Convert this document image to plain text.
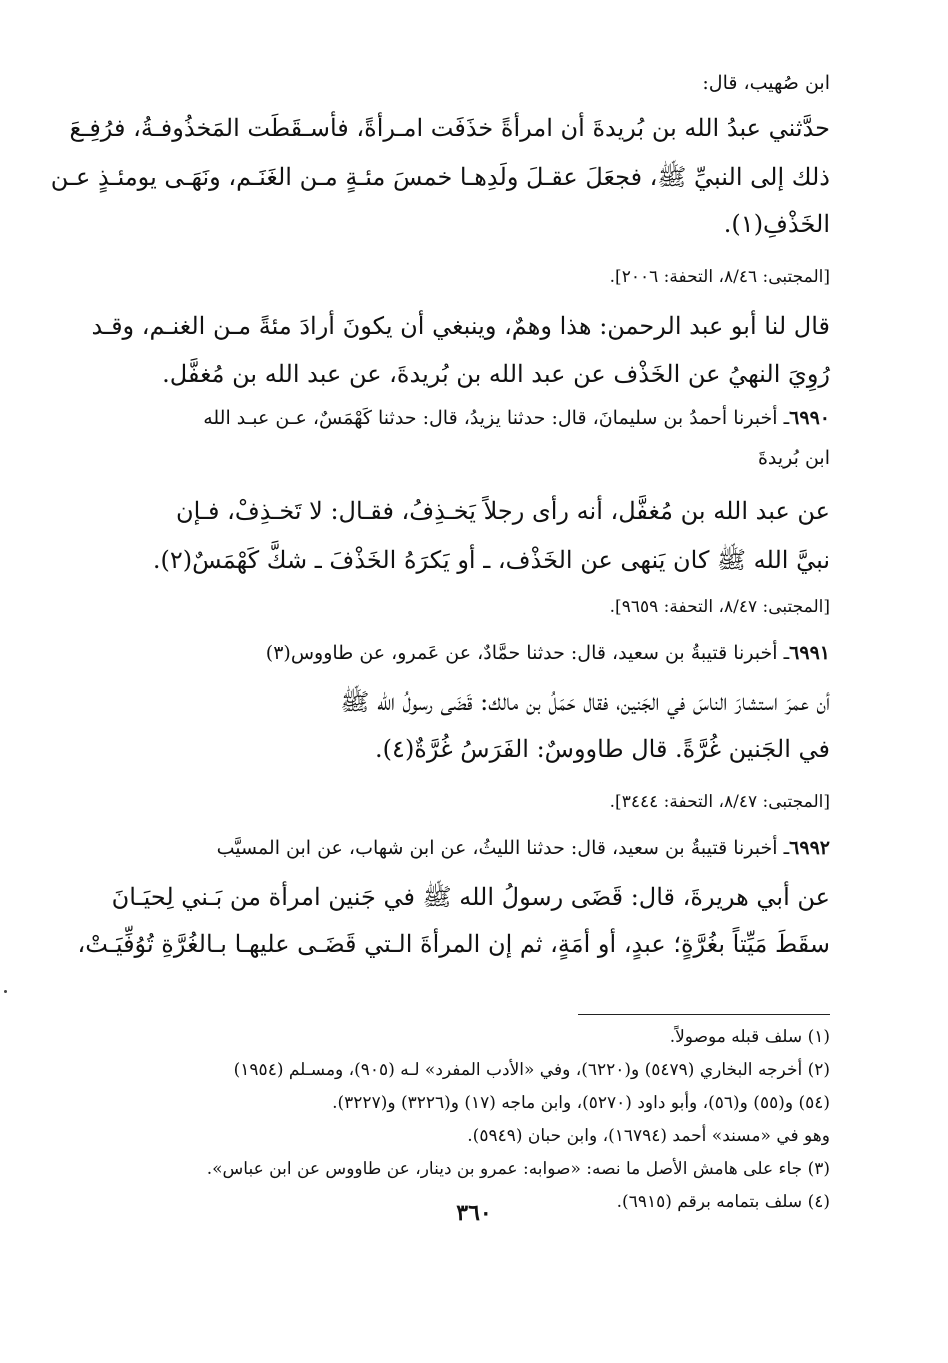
ابن صُهيب، قال:
حدَّثني عبدُ الله بن بُريدةَ أن امرأةً خذَفَت امـرأةً، فأسـقَطَت المَخذُوفـةُ، فرُفِـعَ
ذلك إلى النبيِّ ﷺ، فجعَلَ عقـلَ ولَدِهـا خمسَ مئـةٍ مـن الغَنَـم، ونَهَـى يومئـذٍ عـن
الخَذْفِ(١).
[المجتبى: ٨/٤٦، التحفة: ٢٠٠٦].
قال لنا أبو عبد الرحمن: هذا وهمٌ، وينبغي أن يكونَ أرادَ مئةً مـن الغنـم، وقـد
رُوِيَ النهيُ عن الخَذْف عن عبد الله بن بُريدةَ، عن عبد الله بن مُغفَّل.
٦٩٩٠ـ أخبرنا أحمدُ بن سليمانَ، قال: حدثنا يزيدُ، قال: حدثنا كَهْمَسٌ، عـن عبـد الله
ابن بُريدةَ
عن عبد الله بن مُغفَّل، أنه رأى رجلاً يَخـذِفُ، فقـال: لا تَخـذِفْ، فـإن
نبيَّ الله ﷺ كان يَنهى عن الخَذْف، ـ أو يَكرَهُ الخَذْفَ ـ شكَّ كَهْمَسٌ(٢).
[المجتبى: ٨/٤٧، التحفة: ٩٦٥٩].
٦٩٩١ـ أخبرنا قتيبةُ بن سعيد، قال: حدثنا حمَّادٌ، عن عَمرو، عن طاووس(٣)
أن عمرَ استشارَ الناسَ في الجَنين، فقال حَمَلُ بن مالك: قَضَى رسولُ الله ﷺ
في الجَنين غُرَّةً. قال طاووسٌ: الفَرَسُ غُرَّةٌ(٤).
[المجتبى: ٨/٤٧، التحفة: ٣٤٤٤].
٦٩٩٢ـ أخبرنا قتيبةُ بن سعيد، قال: حدثنا الليثُ، عن ابن شهاب، عن ابن المسيَّب
عن أبي هريرةَ، قال: قَضَى رسولُ الله ﷺ في جَنين امرأة من بَـني لِحيَـانَ
سقَطَ مَيِّتاً بغُرَّةٍ؛ عبدٍ، أو أمَةٍ، ثم إن المرأةَ الـتي قَضَـى عليهـا بـالغُرَّةِ تُوُفِّيَـتْ،
(١) سلف قبله موصولاً.
(٢) أخرجه البخاري (٥٤٧٩) و(٦٢٢٠)، وفي «الأدب المفرد» لـه (٩٠٥)، ومسـلم (١٩٥٤)
(٥٤) و(٥٥) و(٥٦)، وأبو داود (٥٢٧٠)، وابن ماجه (١٧) و(٣٢٢٦) و(٣٢٢٧).
وهو في «مسند» أحمد (١٦٧٩٤)، وابن حبان (٥٩٤٩).
(٣) جاء على هامش الأصل ما نصه: «صوابه: عمرو بن دينار، عن طاووس عن ابن عباس».
(٤) سلف بتمامه برقم (٦٩١٥).
٣٦٠
